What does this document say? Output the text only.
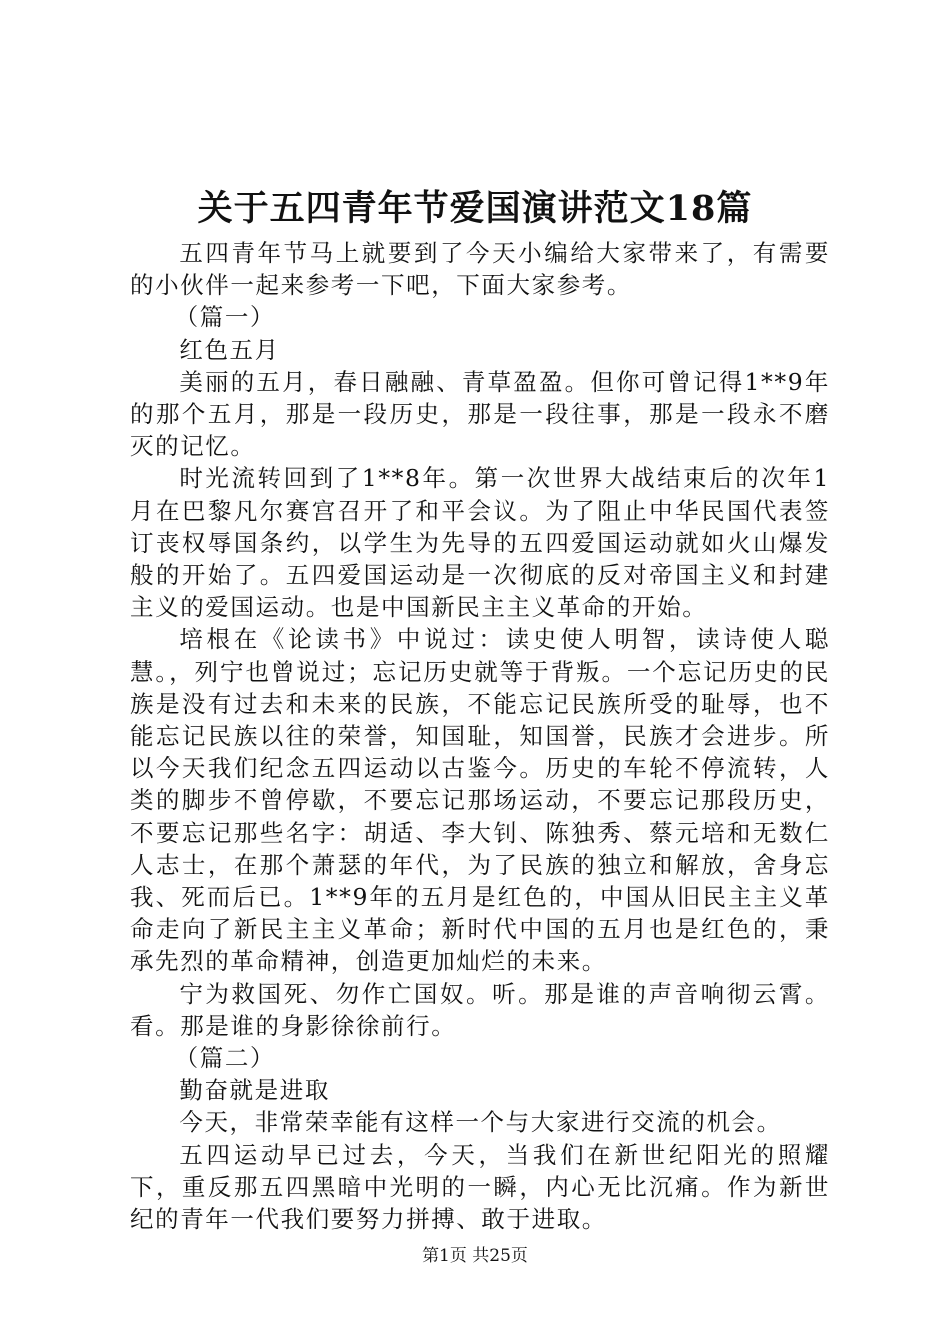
关于五四青年节爱国演讲范文18篇

五四青年节马上就要到了今天小编给大家带来了，有需要的小伙伴一起来参考一下吧，下面大家参考。

（篇一）

红色五月

美丽的五月，春日融融、青草盈盈。但你可曾记得1**9年的那个五月，那是一段历史，那是一段往事，那是一段永不磨灭的记忆。

时光流转回到了1**8年。第一次世界大战结束后的次年1月在巴黎凡尔赛宫召开了和平会议。为了阻止中华民国代表签订丧权辱国条约，以学生为先导的五四爱国运动就如火山爆发般的开始了。五四爱国运动是一次彻底的反对帝国主义和封建主义的爱国运动。也是中国新民主主义革命的开始。

培根在《论读书》中说过：读史使人明智，读诗使人聪慧。，列宁也曾说过；忘记历史就等于背叛。一个忘记历史的民族是没有过去和未来的民族，不能忘记民族所受的耻辱，也不能忘记民族以往的荣誉，知国耻，知国誉，民族才会进步。所以今天我们纪念五四运动以古鉴今。历史的车轮不停流转，人类的脚步不曾停歇，不要忘记那场运动，不要忘记那段历史，不要忘记那些名字：胡适、李大钊、陈独秀、蔡元培和无数仁人志士，在那个萧瑟的年代，为了民族的独立和解放，舍身忘我、死而后已。1**9年的五月是红色的，中国从旧民主主义革命走向了新民主主义革命；新时代中国的五月也是红色的，秉承先烈的革命精神，创造更加灿烂的未来。

宁为救国死、勿作亡国奴。听。那是谁的声音响彻云霄。看。那是谁的身影徐徐前行。

（篇二）

勤奋就是进取

今天，非常荣幸能有这样一个与大家进行交流的机会。

五四运动早已过去，今天，当我们在新世纪阳光的照耀下，重反那五四黑暗中光明的一瞬，内心无比沉痛。作为新世纪的青年一代我们要努力拼搏、敢于进取。

第1页 共25页
